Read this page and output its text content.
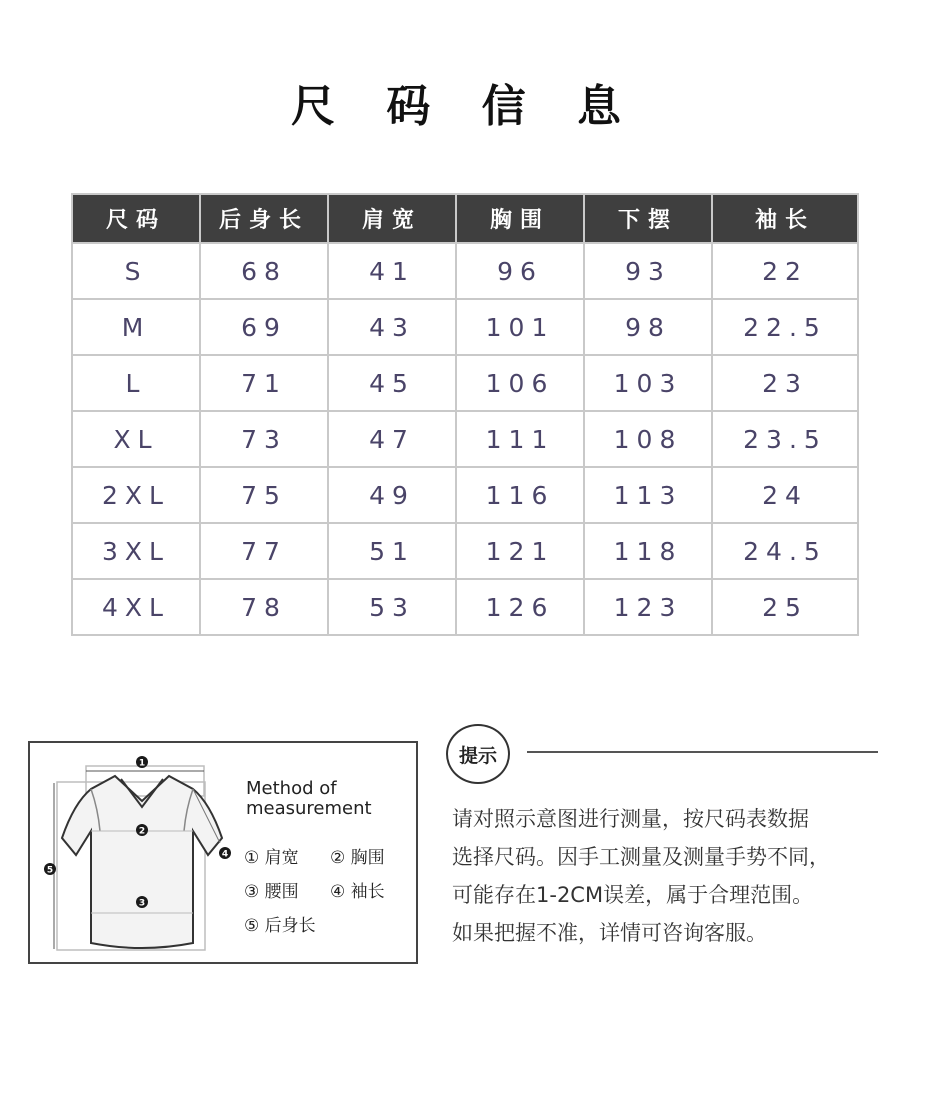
尺 码 信 息
尺码	后身长	肩宽	胸围	下摆	袖长
S	68	41	96	93	22
M	69	43	101	98	22.5
L	71	45	106	103	23
XL	73	47	111	108	23.5
2XL	75	49	116	113	24
3XL	77	51	121	118	24.5
4XL	78	53	126	123	25
1
2
3
4
5
Method of
measurement
① 肩宽 ② 胸围
③ 腰围 ④ 袖长
⑤ 后身长
提示
请对照示意图进行测量，按尺码表数据
选择尺码。因手工测量及测量手势不同，
可能存在1-2CM误差，属于合理范围。
如果把握不准，详情可咨询客服。
